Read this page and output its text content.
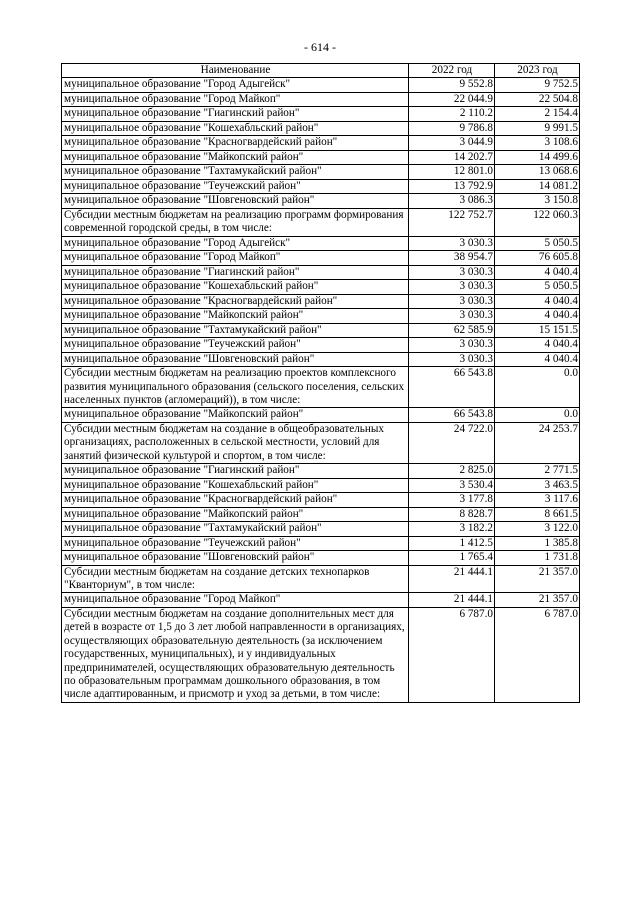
- 614 -
Наименование	2022 год	2023 год
муниципальное образование "Город Адыгейск"	9 552.8	9 752.5
муниципальное образование "Город Майкоп"	22 044.9	22 504.8
муниципальное образование "Гиагинский район"	2 110.2	2 154.4
муниципальное образование "Кошехабльский район"	9 786.8	9 991.5
муниципальное образование "Красногвардейский район"	3 044.9	3 108.6
муниципальное образование "Майкопский район"	14 202.7	14 499.6
муниципальное образование "Тахтамукайский район"	12 801.0	13 068.6
муниципальное образование "Теучежский район"	13 792.9	14 081.2
муниципальное образование "Шовгеновский район"	3 086.3	3 150.8
Субсидии местным бюджетам на реализацию программ формирования современной городской среды, в том числе:	122 752.7	122 060.3
муниципальное образование "Город Адыгейск"	3 030.3	5 050.5
муниципальное образование "Город Майкоп"	38 954.7	76 605.8
муниципальное образование "Гиагинский район"	3 030.3	4 040.4
муниципальное образование "Кошехабльский район"	3 030.3	5 050.5
муниципальное образование "Красногвардейский район"	3 030.3	4 040.4
муниципальное образование "Майкопский район"	3 030.3	4 040.4
муниципальное образование "Тахтамукайский район"	62 585.9	15 151.5
муниципальное образование "Теучежский район"	3 030.3	4 040.4
муниципальное образование "Шовгеновский район"	3 030.3	4 040.4
Субсидии местным бюджетам на реализацию проектов комплексного развития муниципального образования (сельского поселения, сельских населенных пунктов (агломераций)), в том числе:	66 543.8	0.0
муниципальное образование "Майкопский район"	66 543.8	0.0
Субсидии местным бюджетам на создание в общеобразовательных организациях, расположенных в сельской местности, условий для занятий физической культурой и спортом, в том числе:	24 722.0	24 253.7
муниципальное образование "Гиагинский район"	2 825.0	2 771.5
муниципальное образование "Кошехабльский район"	3 530.4	3 463.5
муниципальное образование "Красногвардейский район"	3 177.8	3 117.6
муниципальное образование "Майкопский район"	8 828.7	8 661.5
муниципальное образование "Тахтамукайский район"	3 182.2	3 122.0
муниципальное образование "Теучежский район"	1 412.5	1 385.8
муниципальное образование "Шовгеновский район"	1 765.4	1 731.8
Субсидии местным бюджетам на создание детских технопарков "Кванториум", в том числе:	21 444.1	21 357.0
муниципальное образование "Город Майкоп"	21 444.1	21 357.0
Субсидии местным бюджетам на создание дополнительных мест для детей в возрасте от 1,5 до 3 лет любой направленности в организациях, осуществляющих образовательную деятельность (за исключением государственных, муниципальных), и у индивидуальных предпринимателей, осуществляющих образовательную деятельность по образовательным программам дошкольного образования, в том числе адаптированным, и присмотр и уход за детьми, в том числе:	6 787.0	6 787.0
